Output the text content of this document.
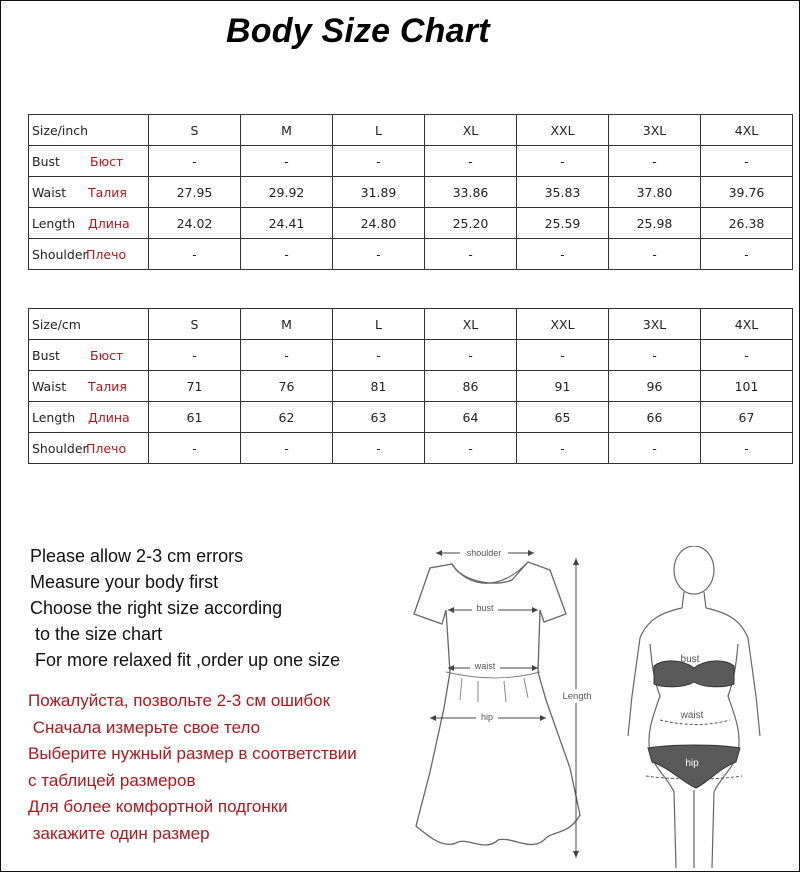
Body Size Chart
Size/inch	S	M	L	XL	XXL	3XL	4XL
Bust Бюст	-	-	-	-	-	-	-
Waist Талия	27.95	29.92	31.89	33.86	35.83	37.80	39.76
Length Длина	24.02	24.41	24.80	25.20	25.59	25.98	26.38
ShoulderПлечо	-	-	-	-	-	-	-
Size/cm	S	M	L	XL	XXL	3XL	4XL
Bust Бюст	-	-	-	-	-	-	-
Waist Талия	71	76	81	86	91	96	101
Length Длина	61	62	63	64	65	66	67
ShoulderПлечо	-	-	-	-	-	-	-
Please allow 2-3 cm errors
Measure your body first
Choose the right size according
to the size chart
For more relaxed fit ,order up one size
Пожалуйста, позвольте 2-3 см ошибок
Сначала измерьте свое тело
Выберите нужный размер в соответствии
с таблицей размеров
Для более комфортной подгонки
закажите один размер
shoulder
bust
waist
hip
Length
bust
waist
hip
